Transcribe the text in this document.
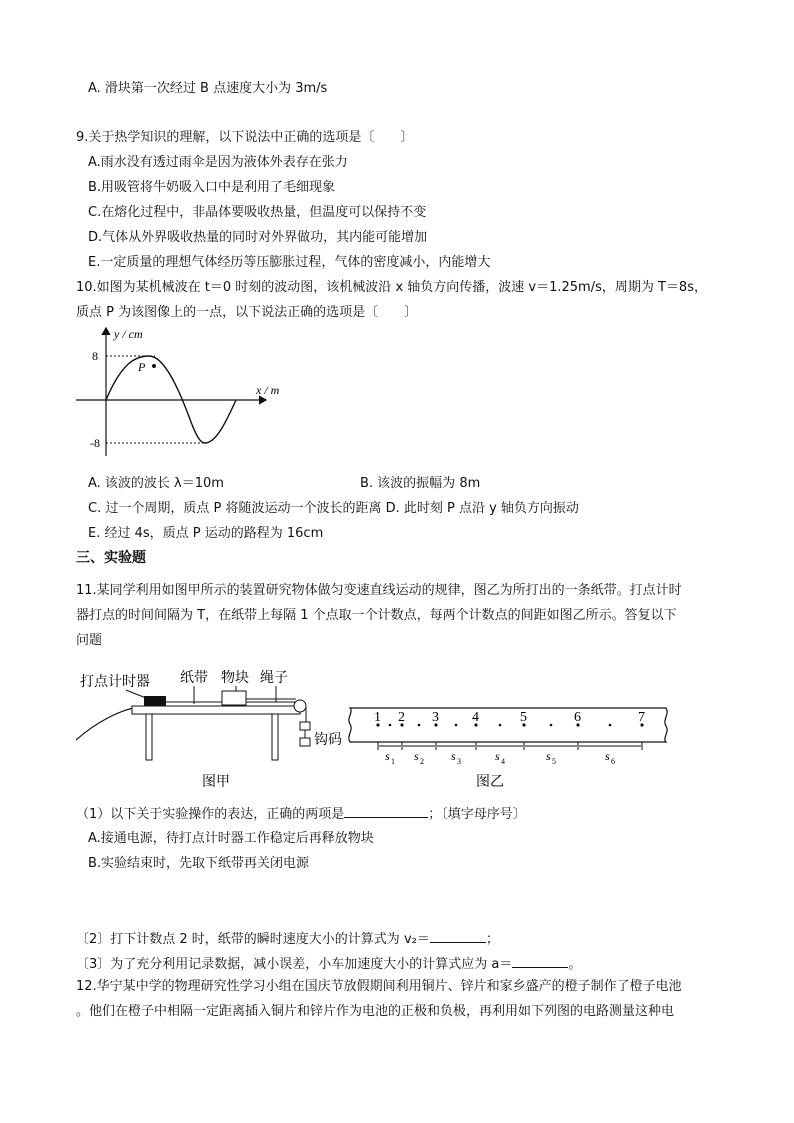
A. 滑块第一次经过 B 点速度大小为 3m/s
9.关于热学知识的理解，以下说法中正确的选项是〔　　〕
A.雨水没有透过雨伞是因为液体外表存在张力
B.用吸管将牛奶吸入口中是利用了毛细现象
C.在熔化过程中，非晶体要吸收热量，但温度可以保持不变
D.气体从外界吸收热量的同时对外界做功，其内能可能增加
E.一定质量的理想气体经历等压膨胀过程，气体的密度减小，内能增大
10.如图为某机械波在 t＝0 时刻的波动图，该机械波沿 x 轴负方向传播，波速 v＝1.25m/s，周期为 T＝8s，
质点 P 为该图像上的一点，以下说法正确的选项是〔　　〕
P
y / cm
x / m
8
-8
A. 该波的波长 λ＝10m	B. 该波的振幅为 8m
C. 过一个周期，质点 P 将随波运动一个波长的距离 D. 此时刻 P 点沿 y 轴负方向振动
E. 经过 4s，质点 P 运动的路程为 16cm
三、实验题
11.某同学利用如图甲所示的装置研究物体做匀变速直线运动的规律，图乙为所打出的一条纸带。打点计时
器打点的时间间隔为 T，在纸带上每隔 1 个点取一个计数点，每两个计数点的间距如图乙所示。答复以下
问题
打点计时器 纸带 物块 绳子
钩码
图甲
1 2 3 4	5	6	7
s 1 s 2 s 3	s 4	s 5	s 6
图乙
（1）以下关于实验操作的表达，正确的两项是	；〔填字母序号〕
A.接通电源，待打点计时器工作稳定后再释放物块
B.实验结束时，先取下纸带再关闭电源
〔2〕打下计数点 2 时，纸带的瞬时速度大小的计算式为 v₂＝	；
〔3〕为了充分利用记录数据，减小误差，小车加速度大小的计算式应为 a＝	。
12.华宁某中学的物理研究性学习小组在国庆节放假期间利用铜片、锌片和家乡盛产的橙子制作了橙子电池
。他们在橙子中相隔一定距离插入铜片和锌片作为电池的正极和负极，再利用如下列图的电路测量这种电
